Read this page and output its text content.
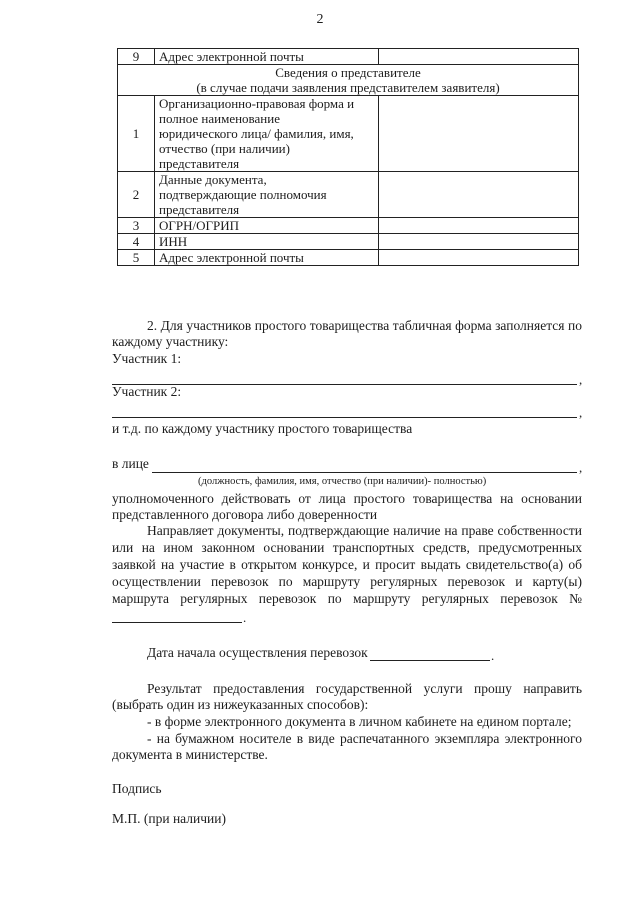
2
9	Адрес электронной почты	

Сведения о представителе
(в случае подачи заявления представителем заявителя)		

1	Организационно-правовая форма и
полное наименование
юридического лица/ фамилия, имя,
отчество (при наличии)
представителя	

2	Данные документа,
подтверждающие полномочия
представителя	

3	ОГРН/ОГРИП	
4	ИНН	
5	Адрес электронной почты	
2. Для участников простого товарищества табличная форма заполняется по
каждому участнику:
Участник 1:
,
Участник 2:
,
и т.д. по каждому участнику простого товарищества
в лице	,
(должность, фамилия, имя, отчество (при наличии)- полностью)
уполномоченного действовать от лица простого товарищества на основании
представленного договора либо доверенности
Направляет документы, подтверждающие наличие на праве собственности
или на ином законном основании транспортных средств, предусмотренных
заявкой на участие в открытом конкурсе, и просит выдать свидетельство(а) об
осуществлении перевозок по маршруту регулярных перевозок и карту(ы)
маршрута регулярных перевозок по маршруту регулярных перевозок №
.
Дата начала осуществления перевозок	.
Результат предоставления государственной услуги прошу направить
(выбрать один из нижеуказанных способов):
- в форме электронного документа в личном кабинете на едином портале;
- на бумажном носителе в виде распечатанного экземпляра электронного
документа в министерстве.
Подпись
М.П. (при наличии)
